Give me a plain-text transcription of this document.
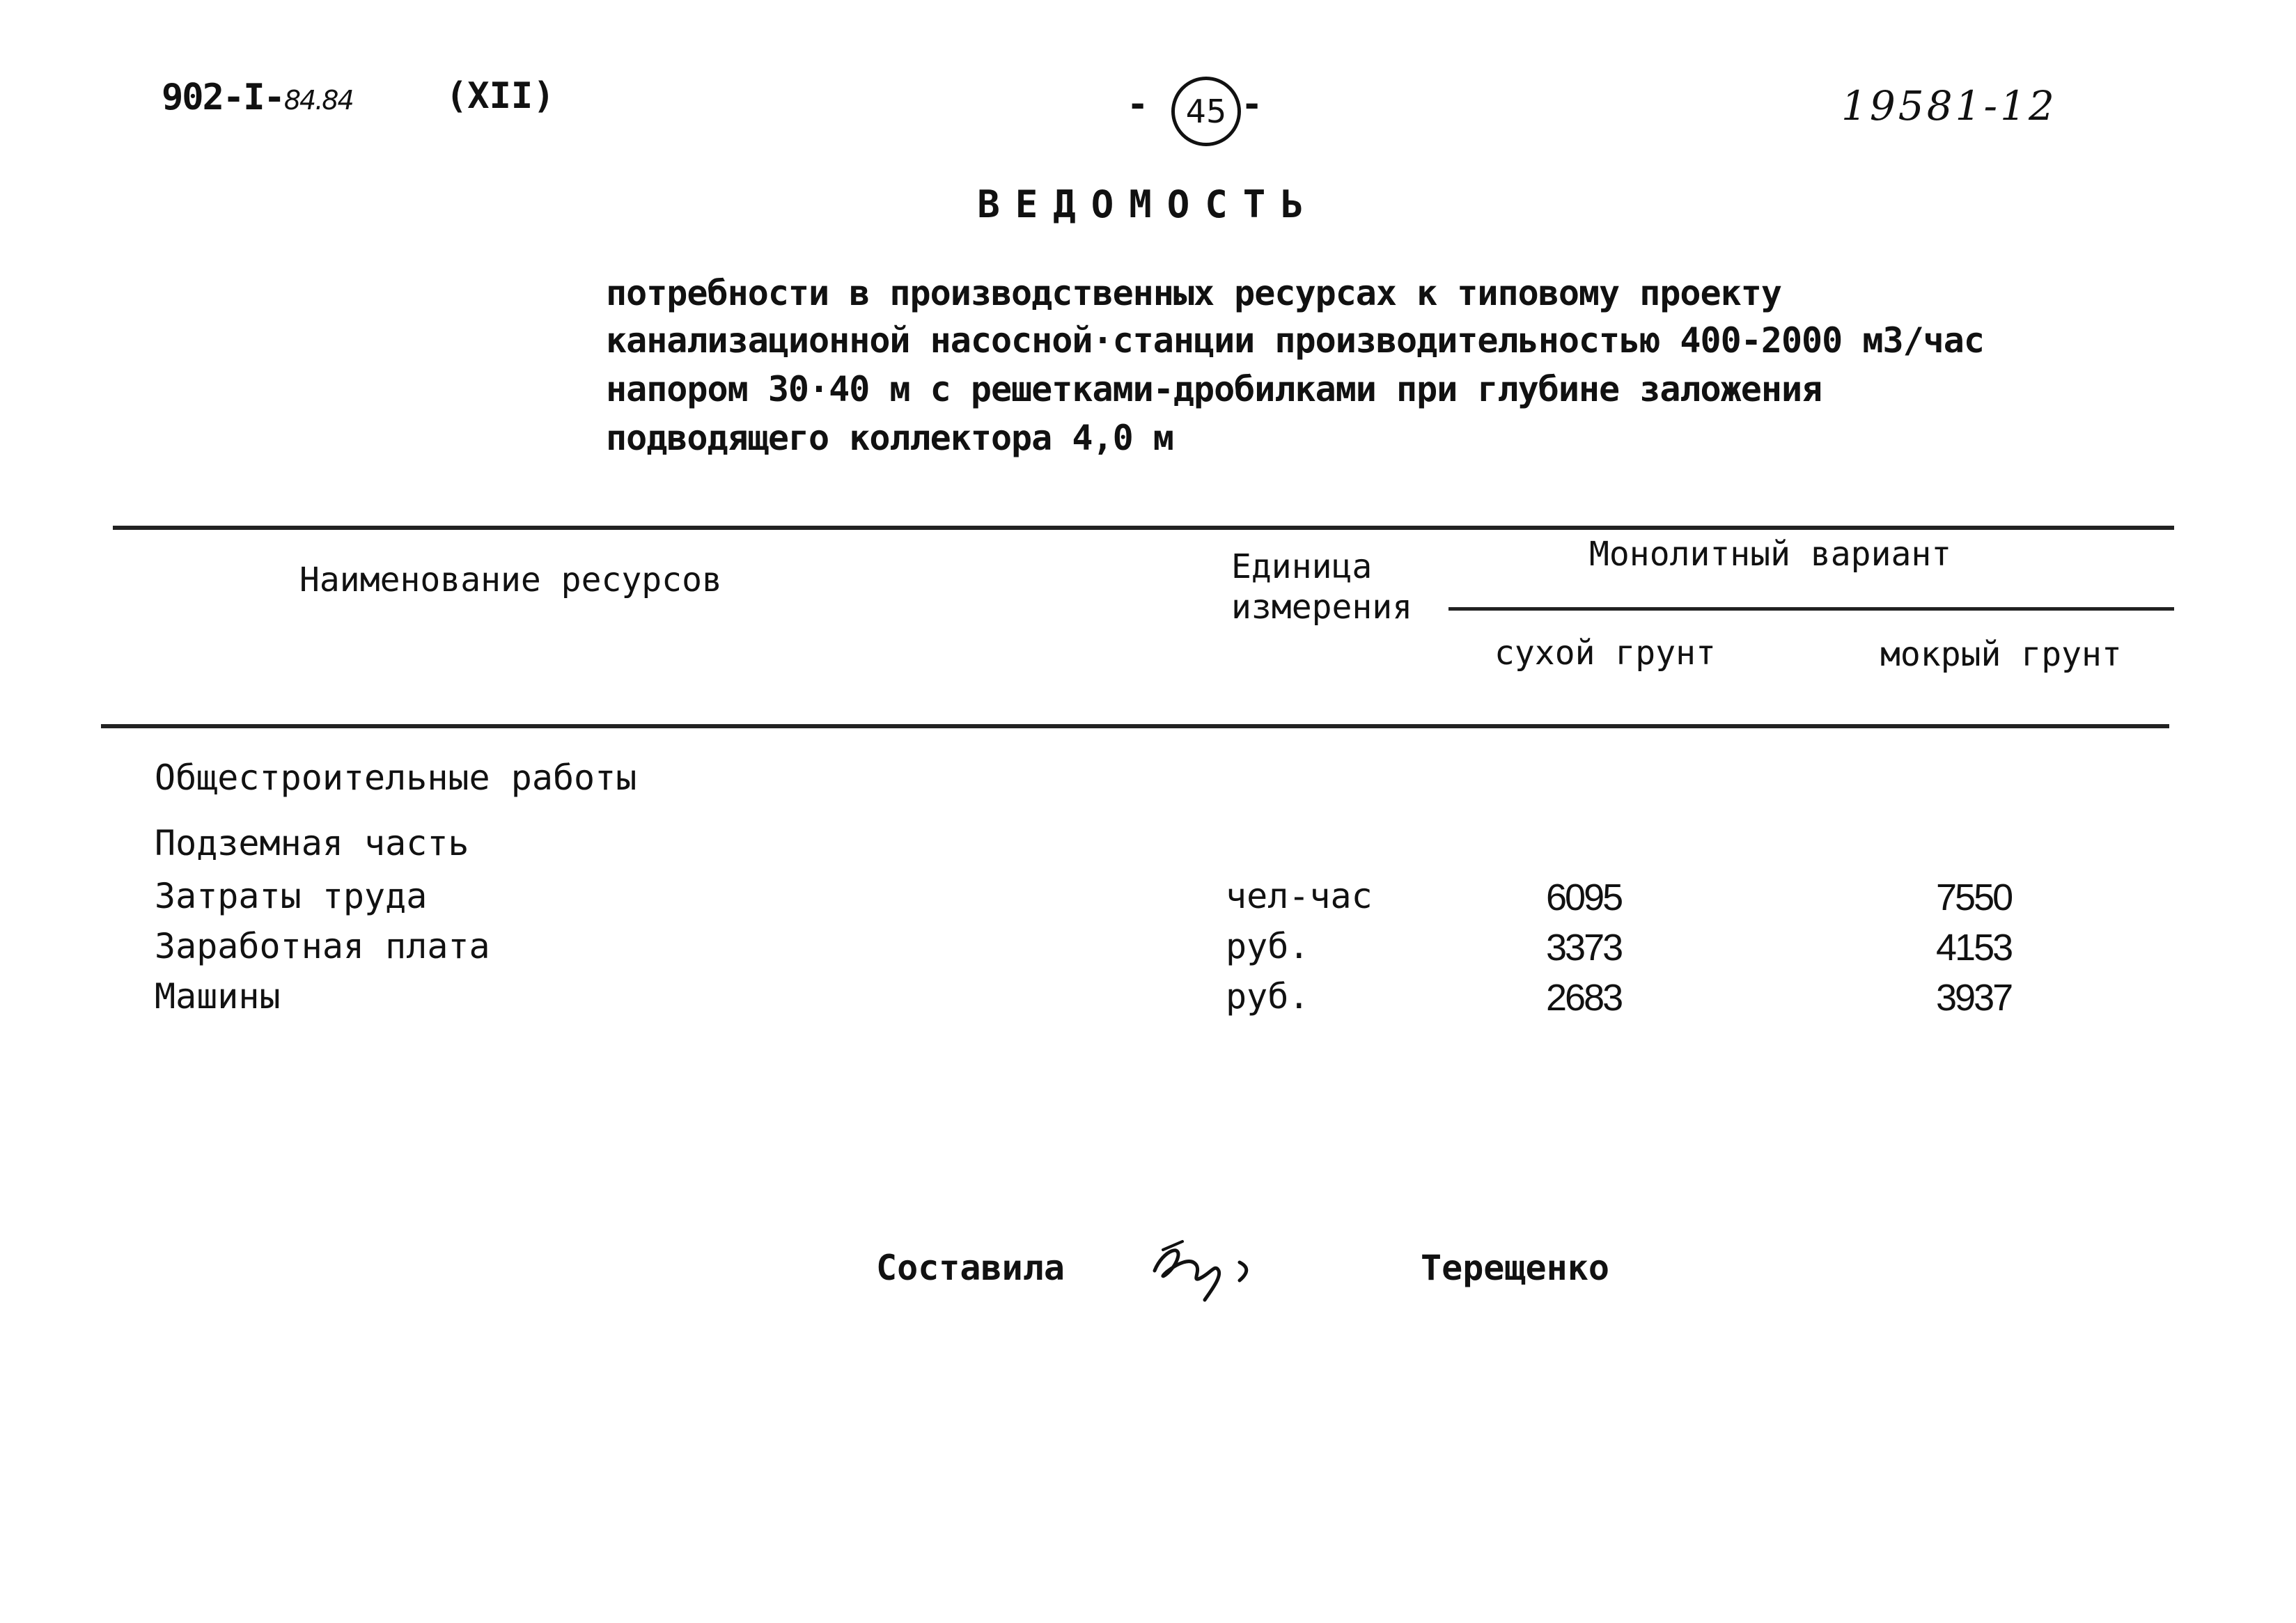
902-I-84.84	(XII)	- 45 -	19581-12
ВЕДОМОСТЬ
потребности в производственных ресурсах к типовому проекту
канализационной насосной·станции производительностью 400-2000 м3/час
напором 30·40 м с решетками-дробилками при глубине заложения
подводящего коллектора 4,0 м
Наименование ресурсов	Единица
измерения
Монолитный вариант
сухой грунт	мокрый грунт
Общестроительные работы
Подземная часть
Затраты труда	чел-час	6095	7550
Заработная плата	руб.	3373	4153
Машины	руб.	2683	3937
Составила	Терещенко
